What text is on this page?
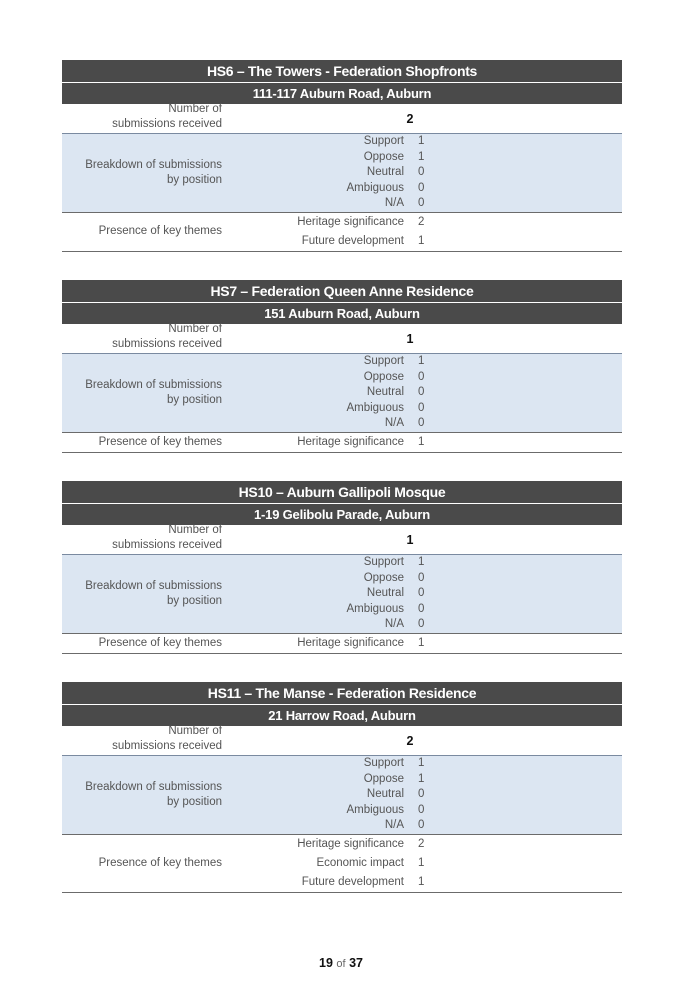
HS6 – The Towers - Federation Shopfronts
111-117 Auburn Road, Auburn
Number of
submissions received	2
Breakdown of submissions
by position
Support	1
Oppose	1
Neutral	0
Ambiguous	0
N/A	0
Presence of key themes
Heritage significance	2
Future development	1
HS7 – Federation Queen Anne Residence
151 Auburn Road, Auburn
Number of
submissions received	1
Breakdown of submissions
by position
Support	1
Oppose	0
Neutral	0
Ambiguous	0
N/A	0
Presence of key themes	Heritage significance	1
HS10 – Auburn Gallipoli Mosque
1-19 Gelibolu Parade, Auburn
Number of
submissions received	1
Breakdown of submissions
by position
Support	1
Oppose	0
Neutral	0
Ambiguous	0
N/A	0
Presence of key themes	Heritage significance	1
HS11 – The Manse - Federation Residence
21 Harrow Road, Auburn
Number of
submissions received	2
Breakdown of submissions
by position
Support	1
Oppose	1
Neutral	0
Ambiguous	0
N/A	0
Presence of key themes
Heritage significance	2
Economic impact	1
Future development	1
19 of 37
